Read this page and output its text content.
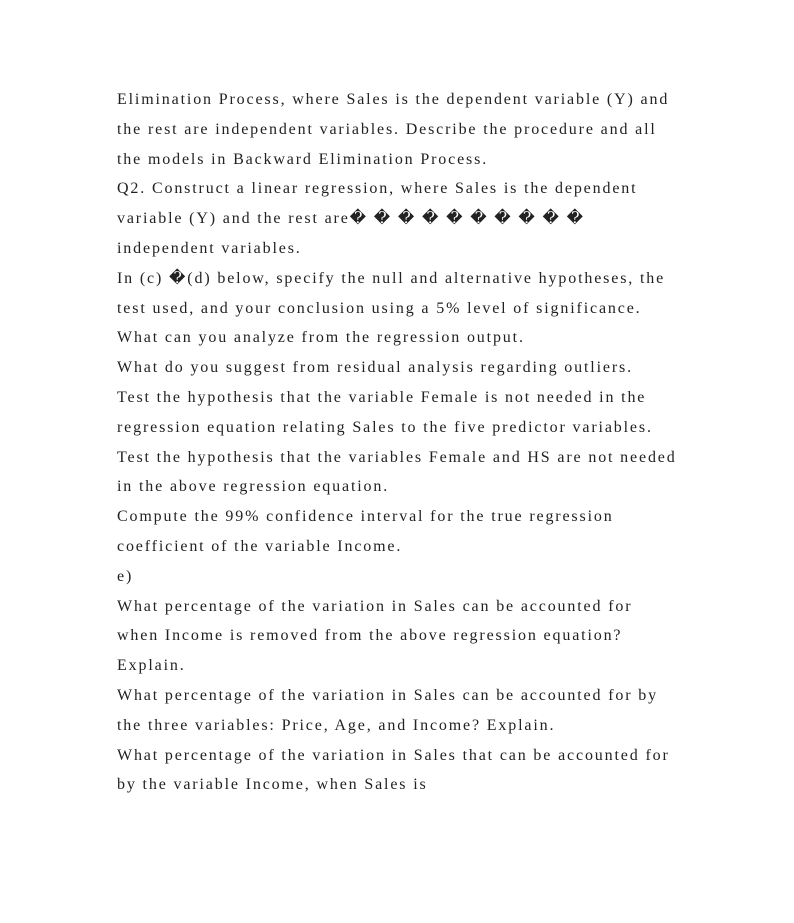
Elimination Process, where Sales is the dependent variable (Y) and the rest are independent variables. Describe the procedure and all the models in Backward Elimination Process.

Q2. Construct a linear regression, where Sales is the dependent variable (Y) and the rest are� � � � � � � � � � independent variables.

In (c) �(d) below, specify the null and alternative hypotheses, the test used, and your conclusion using a 5% level of significance.

What can you analyze from the regression output.

What do you suggest from residual analysis regarding outliers.

Test the hypothesis that the variable Female is not needed in the regression equation relating Sales to the five predictor variables.

Test the hypothesis that the variables Female and HS are not needed in the above regression equation.

Compute the 99% confidence interval for the true regression coefficient of the variable Income.

e)

What percentage of the variation in Sales can be accounted for when Income is removed from the above regression equation? Explain.

What percentage of the variation in Sales can be accounted for by the three variables: Price, Age, and Income? Explain.

What percentage of the variation in Sales that can be accounted for by the variable Income, when Sales is
